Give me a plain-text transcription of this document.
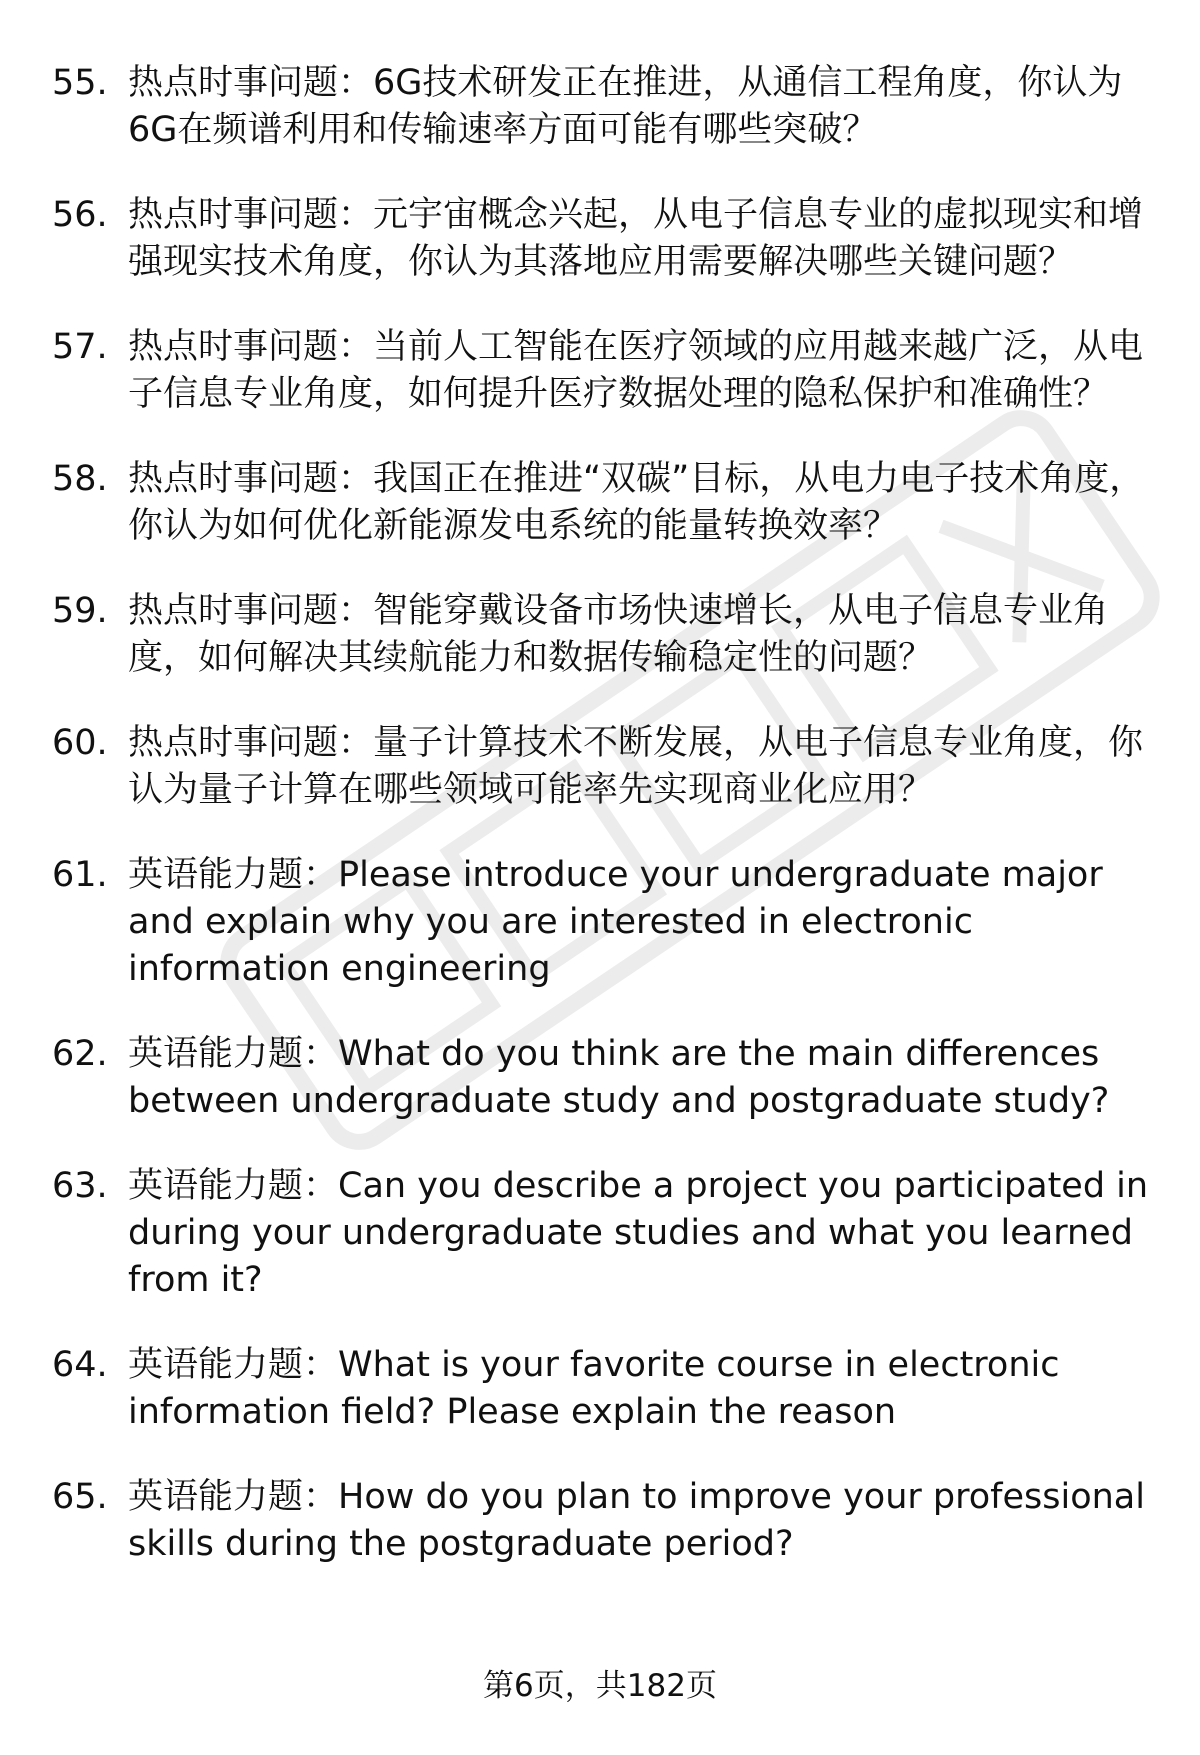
55. 热点时事问题：6G技术研发正在推进，从通信工程角度，你认为6G在频谱利用和传输速率方面可能有哪些突破？
56. 热点时事问题：元宇宙概念兴起，从电子信息专业的虚拟现实和增强现实技术角度，你认为其落地应用需要解决哪些关键问题？
57. 热点时事问题：当前人工智能在医疗领域的应用越来越广泛，从电子信息专业角度，如何提升医疗数据处理的隐私保护和准确性？
58. 热点时事问题：我国正在推进“双碳”目标，从电力电子技术角度，你认为如何优化新能源发电系统的能量转换效率？
59. 热点时事问题：智能穿戴设备市场快速增长，从电子信息专业角度，如何解决其续航能力和数据传输稳定性的问题？
60. 热点时事问题：量子计算技术不断发展，从电子信息专业角度，你认为量子计算在哪些领域可能率先实现商业化应用？
61. 英语能力题：Please introduce your undergraduate major and explain why you are interested in electronic information engineering
62. 英语能力题：What do you think are the main differences between undergraduate study and postgraduate study?
63. 英语能力题：Can you describe a project you participated in during your undergraduate studies and what you learned from it?
64. 英语能力题：What is your favorite course in electronic information field? Please explain the reason
65. 英语能力题：How do you plan to improve your professional skills during the postgraduate period?
第6页，共182页
